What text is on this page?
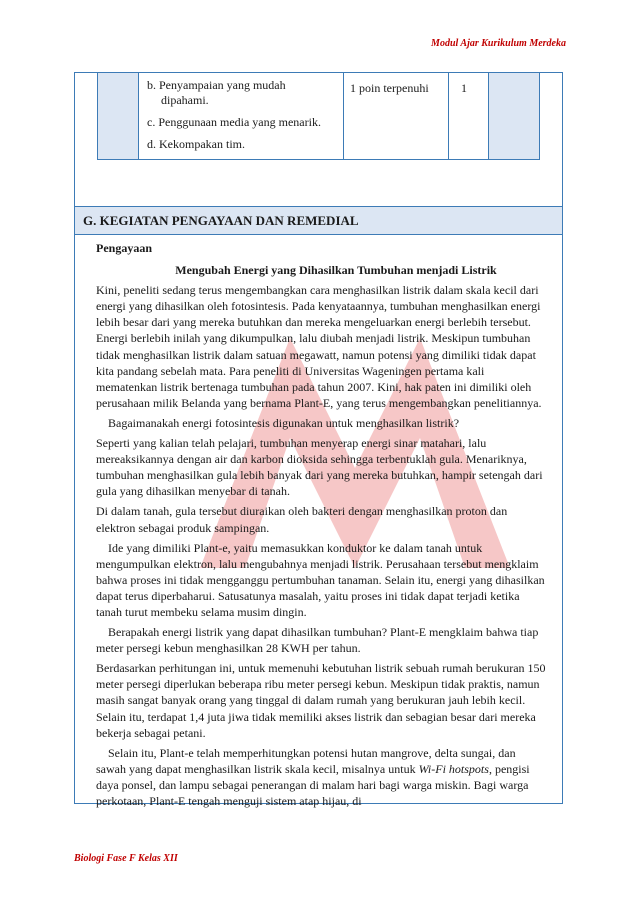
Modul Ajar Kurikulum Merdeka

b. Penyampaian yang mudah
dipahami.
c. Penggunaan media yang menarik.
d. Kekompakan tim.

1 poin terpenuhi	1

G. KEGIATAN PENGAYAAN DAN REMEDIAL

Pengayaan

Mengubah Energi yang Dihasilkan Tumbuhan menjadi Listrik

Kini, peneliti sedang terus mengembangkan cara menghasilkan listrik dalam skala kecil dari energi yang dihasilkan oleh fotosintesis. Pada kenyataannya, tumbuhan menghasilkan energi lebih besar dari yang mereka butuhkan dan mereka mengeluarkan energi berlebih tersebut. Energi berlebih inilah yang dikumpulkan, lalu diubah menjadi listrik. Meskipun tumbuhan tidak menghasilkan listrik dalam satuan megawatt, namun potensi yang dimiliki tidak dapat kita pandang sebelah mata. Para peneliti di Universitas Wageningen pertama kali mematenkan listrik bertenaga tumbuhan pada tahun 2007. Kini, hak paten ini dimiliki oleh perusahaan milik Belanda yang bernama Plant-E, yang terus mengembangkan penelitiannya.

Bagaimanakah energi fotosintesis digunakan untuk menghasilkan listrik?

Seperti yang kalian telah pelajari, tumbuhan menyerap energi sinar matahari, lalu mereaksikannya dengan air dan karbon dioksida sehingga terbentuklah gula. Menariknya, tumbuhan menghasilkan gula lebih banyak dari yang mereka butuhkan, hampir setengah dari gula yang dihasilkan menyebar di tanah.

Di dalam tanah, gula tersebut diuraikan oleh bakteri dengan menghasilkan proton dan elektron sebagai produk sampingan.

Ide yang dimiliki Plant-e, yaitu memasukkan konduktor ke dalam tanah untuk mengumpulkan elektron, lalu mengubahnya menjadi listrik. Perusahaan tersebut mengklaim bahwa proses ini tidak mengganggu pertumbuhan tanaman. Selain itu, energi yang dihasilkan dapat terus diperbaharui. Satusatunya masalah, yaitu proses ini tidak dapat terjadi ketika tanah turut membeku selama musim dingin.

Berapakah energi listrik yang dapat dihasilkan tumbuhan? Plant-E mengklaim bahwa tiap meter persegi kebun menghasilkan 28 KWH per tahun.

Berdasarkan perhitungan ini, untuk memenuhi kebutuhan listrik sebuah rumah berukuran 150 meter persegi diperlukan beberapa ribu meter persegi kebun. Meskipun tidak praktis, namun masih sangat banyak orang yang tinggal di dalam rumah yang berukuran jauh lebih kecil. Selain itu, terdapat 1,4 juta jiwa tidak memiliki akses listrik dan sebagian besar dari mereka bekerja sebagai petani.

Selain itu, Plant-e telah memperhitungkan potensi hutan mangrove, delta sungai, dan sawah yang dapat menghasilkan listrik skala kecil, misalnya untuk Wi-Fi hotspots, pengisi daya ponsel, dan lampu sebagai penerangan di malam hari bagi warga miskin. Bagi warga perkotaan, Plant-E tengah menguji sistem atap hijau, di

Biologi Fase F Kelas XII
